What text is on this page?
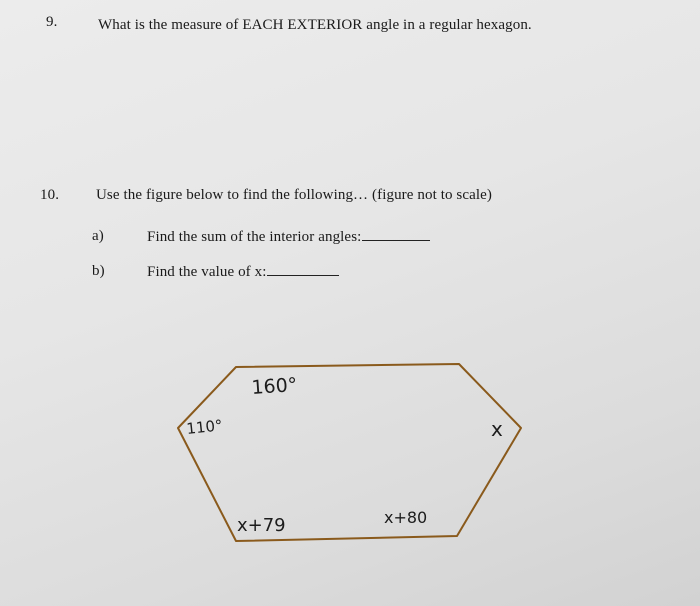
9.	What is the measure of EACH EXTERIOR angle in a regular hexagon.
10. Use the figure below to find the following… (figure not to scale)
a)	Find the sum of the interior angles:
b)	Find the value of x:
160°
110°	x
x+79	x+80
